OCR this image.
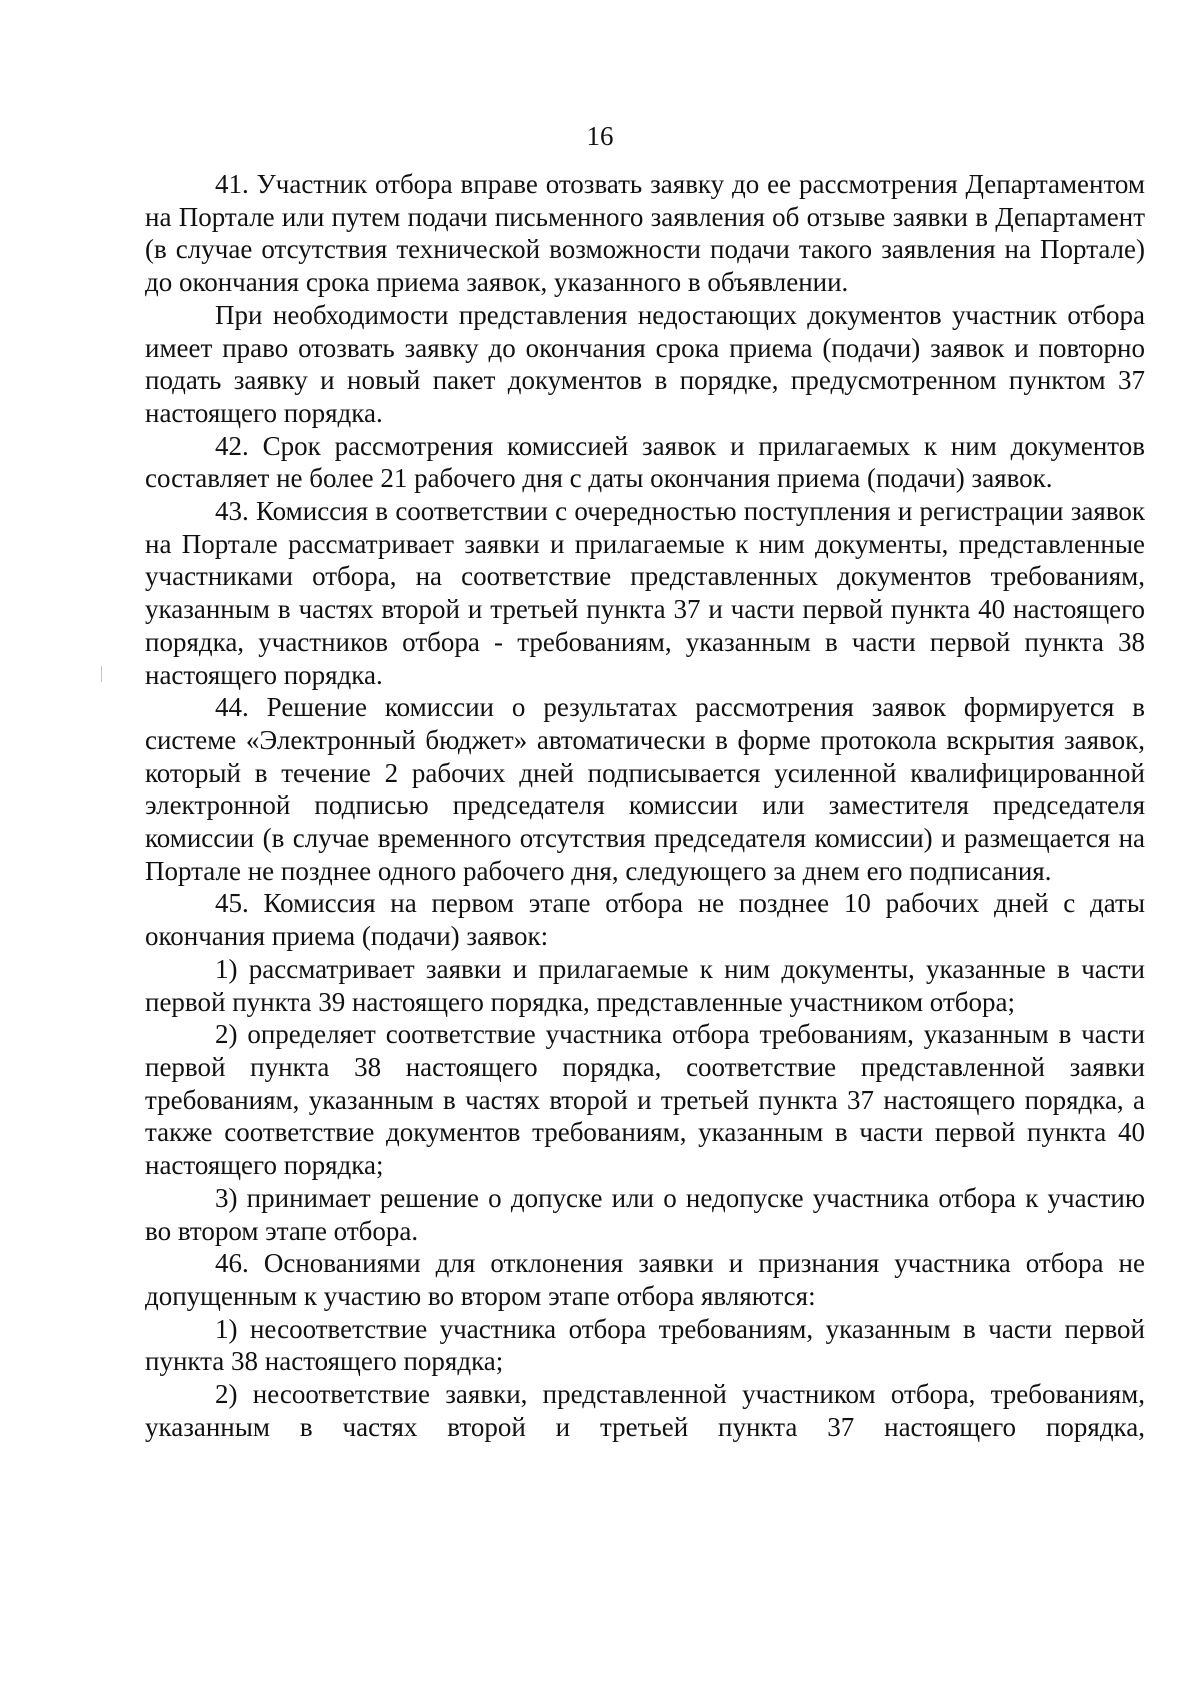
16

41. Участник отбора вправе отозвать заявку до ее рассмотрения Департаментом на Портале или путем подачи письменного заявления об отзыве заявки в Департамент (в случае отсутствия технической возможности подачи такого заявления на Портале) до окончания срока приема заявок, указанного в объявлении.

При необходимости представления недостающих документов участник отбора имеет право отозвать заявку до окончания срока приема (подачи) заявок и повторно подать заявку и новый пакет документов в порядке, предусмотренном пунктом 37 настоящего порядка.

42. Срок рассмотрения комиссией заявок и прилагаемых к ним документов составляет не более 21 рабочего дня с даты окончания приема (подачи) заявок.

43. Комиссия в соответствии с очередностью поступления и регистрации заявок на Портале рассматривает заявки и прилагаемые к ним документы, представленные участниками отбора, на соответствие представленных документов требованиям, указанным в частях второй и третьей пункта 37 и части первой пункта 40 настоящего порядка, участников отбора - требованиям, указанным в части первой пункта 38 настоящего порядка.

44. Решение комиссии о результатах рассмотрения заявок формируется в системе «Электронный бюджет» автоматически в форме протокола вскрытия заявок, который в течение 2 рабочих дней подписывается усиленной квалифицированной электронной подписью председателя комиссии или заместителя председателя комиссии (в случае временного отсутствия председателя комиссии) и размещается на Портале не позднее одного рабочего дня, следующего за днем его подписания.

45. Комиссия на первом этапе отбора не позднее 10 рабочих дней с даты окончания приема (подачи) заявок:

1) рассматривает заявки и прилагаемые к ним документы, указанные в части первой пункта 39 настоящего порядка, представленные участником отбора;

2) определяет соответствие участника отбора требованиям, указанным в части первой пункта 38 настоящего порядка, соответствие представленной заявки требованиям, указанным в частях второй и третьей пункта 37 настоящего порядка, а также соответствие документов требованиям, указанным в части первой пункта 40 настоящего порядка;

3) принимает решение о допуске или о недопуске участника отбора к участию во втором этапе отбора.

46. Основаниями для отклонения заявки и признания участника отбора не допущенным к участию во втором этапе отбора являются:

1) несоответствие участника отбора требованиям, указанным в части первой пункта 38 настоящего порядка;

2) несоответствие заявки, представленной участником отбора, требованиям, указанным в частях второй и третьей пункта 37 настоящего порядка,
